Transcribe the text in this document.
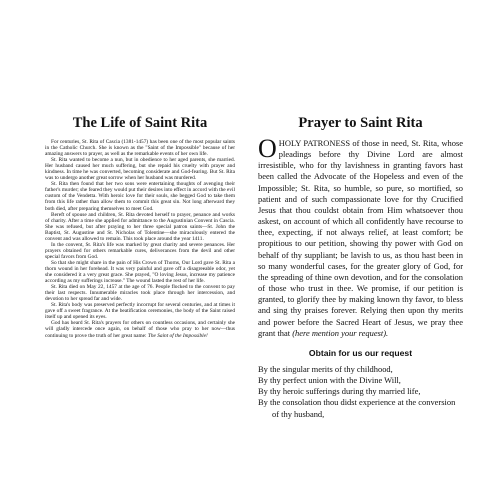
The Life of Saint Rita

For centuries, St. Rita of Cascia (1381-1457) has been one of the most popular saints in the Catholic Church. She is known as the "Saint of the Impossible" because of her amazing answers to prayer, as well as the remarkable events of her own life.

St. Rita wanted to become a nun, but in obedience to her aged parents, she married. Her husband caused her much suffering, but she repaid his cruelty with prayer and kindness. In time he was converted, becoming considerate and God-fearing. But St. Rita was to undergo another great sorrow when her husband was murdered.

St. Rita then found that her two sons were entertaining thoughts of avenging their father's murder; she feared they would put their desires into effect in accord with the evil custom of the Vendetta. With heroic love for their souls, she begged God to take them from this life rather than allow them to commit this great sin. Not long afterward they both died, after preparing themselves to meet God.

Bereft of spouse and children, St. Rita devoted herself to prayer, penance and works of charity. After a time she applied for admittance to the Augustinian Convent in Cascia. She was refused, but after praying to her three special patron saints—St. John the Baptist, St. Augustine and St. Nicholas of Tolentine—she miraculously entered the convent and was allowed to remain. This took place around the year 1411.

In the convent, St. Rita's life was marked by great charity and severe penances. Her prayers obtained for others remarkable cures, deliverances from the devil and other special favors from God.

So that she might share in the pain of His Crown of Thorns, Our Lord gave St. Rita a thorn wound in her forehead. It was very painful and gave off a disagreeable odor, yet she considered it a very great grace. She prayed, "O loving Jesus, increase my patience according as my sufferings increase." The wound lasted the rest of her life.

St. Rita died on May 22, 1457 at the age of 76. People flocked to the convent to pay their last respects. Innumerable miracles took place through her intercession, and devotion to her spread far and wide.

St. Rita's body was preserved perfectly incorrupt for several centuries, and at times it gave off a sweet fragrance. At the beatification ceremonies, the body of the Saint raised itself up and opened its eyes.

God has heard St. Rita's prayers for others on countless occasions, and certainly she will gladly intercede once again, on behalf of those who pray to her now—thus continuing to prove the truth of her great name: The Saint of the Impossible!

Prayer to Saint Rita

O HOLY PATRONESS of those in need, St. Rita, whose pleadings before thy Divine Lord are almost irresistible, who for thy lavishness in granting favors hast been called the Advocate of the Hopeless and even of the Impossible; St. Rita, so humble, so pure, so mortified, so patient and of such compassionate love for thy Crucified Jesus that thou couldst obtain from Him whatsoever thou askest, on account of which all confidently have recourse to thee, expecting, if not always relief, at least comfort; be propitious to our petition, showing thy power with God on behalf of thy suppliant; be lavish to us, as thou hast been in so many wonderful cases, for the greater glory of God, for the spreading of thine own devotion, and for the consolation of those who trust in thee. We promise, if our petition is granted, to glorify thee by making known thy favor, to bless and sing thy praises forever. Relying then upon thy merits and power before the Sacred Heart of Jesus, we pray thee grant that (here mention your request).

Obtain for us our request
By the singular merits of thy childhood,
By thy perfect union with the Divine Will,
By thy heroic sufferings during thy married life,
By the consolation thou didst experience at the conversion of thy husband,
